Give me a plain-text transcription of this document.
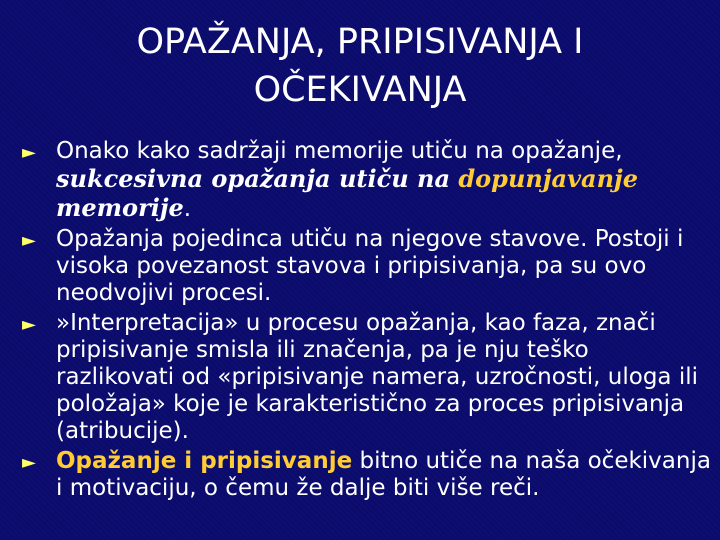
OPAŽANJA, PRIPISIVANJA I
OČEKIVANJA

► Onako kako sadržaji memorije utiču na opažanje, sukcesivna opažanja utiču na dopunjavanje memorije.

► Opažanja pojedinca utiču na njegove stavove. Postoji i visoka povezanost stavova i pripisivanja, pa su ovo neodvojivi procesi.

► »Interpretacija» u procesu opažanja, kao faza, znači pripisivanje smisla ili značenja, pa je nju teško razlikovati od «pripisivanje namera, uzročnosti, uloga ili položaja» koje je karakteristično za proces pripisivanja (atribucije).

► Opažanje i pripisivanje bitno utiče na naša očekivanja i motivaciju, o čemu že dalje biti više reči.
